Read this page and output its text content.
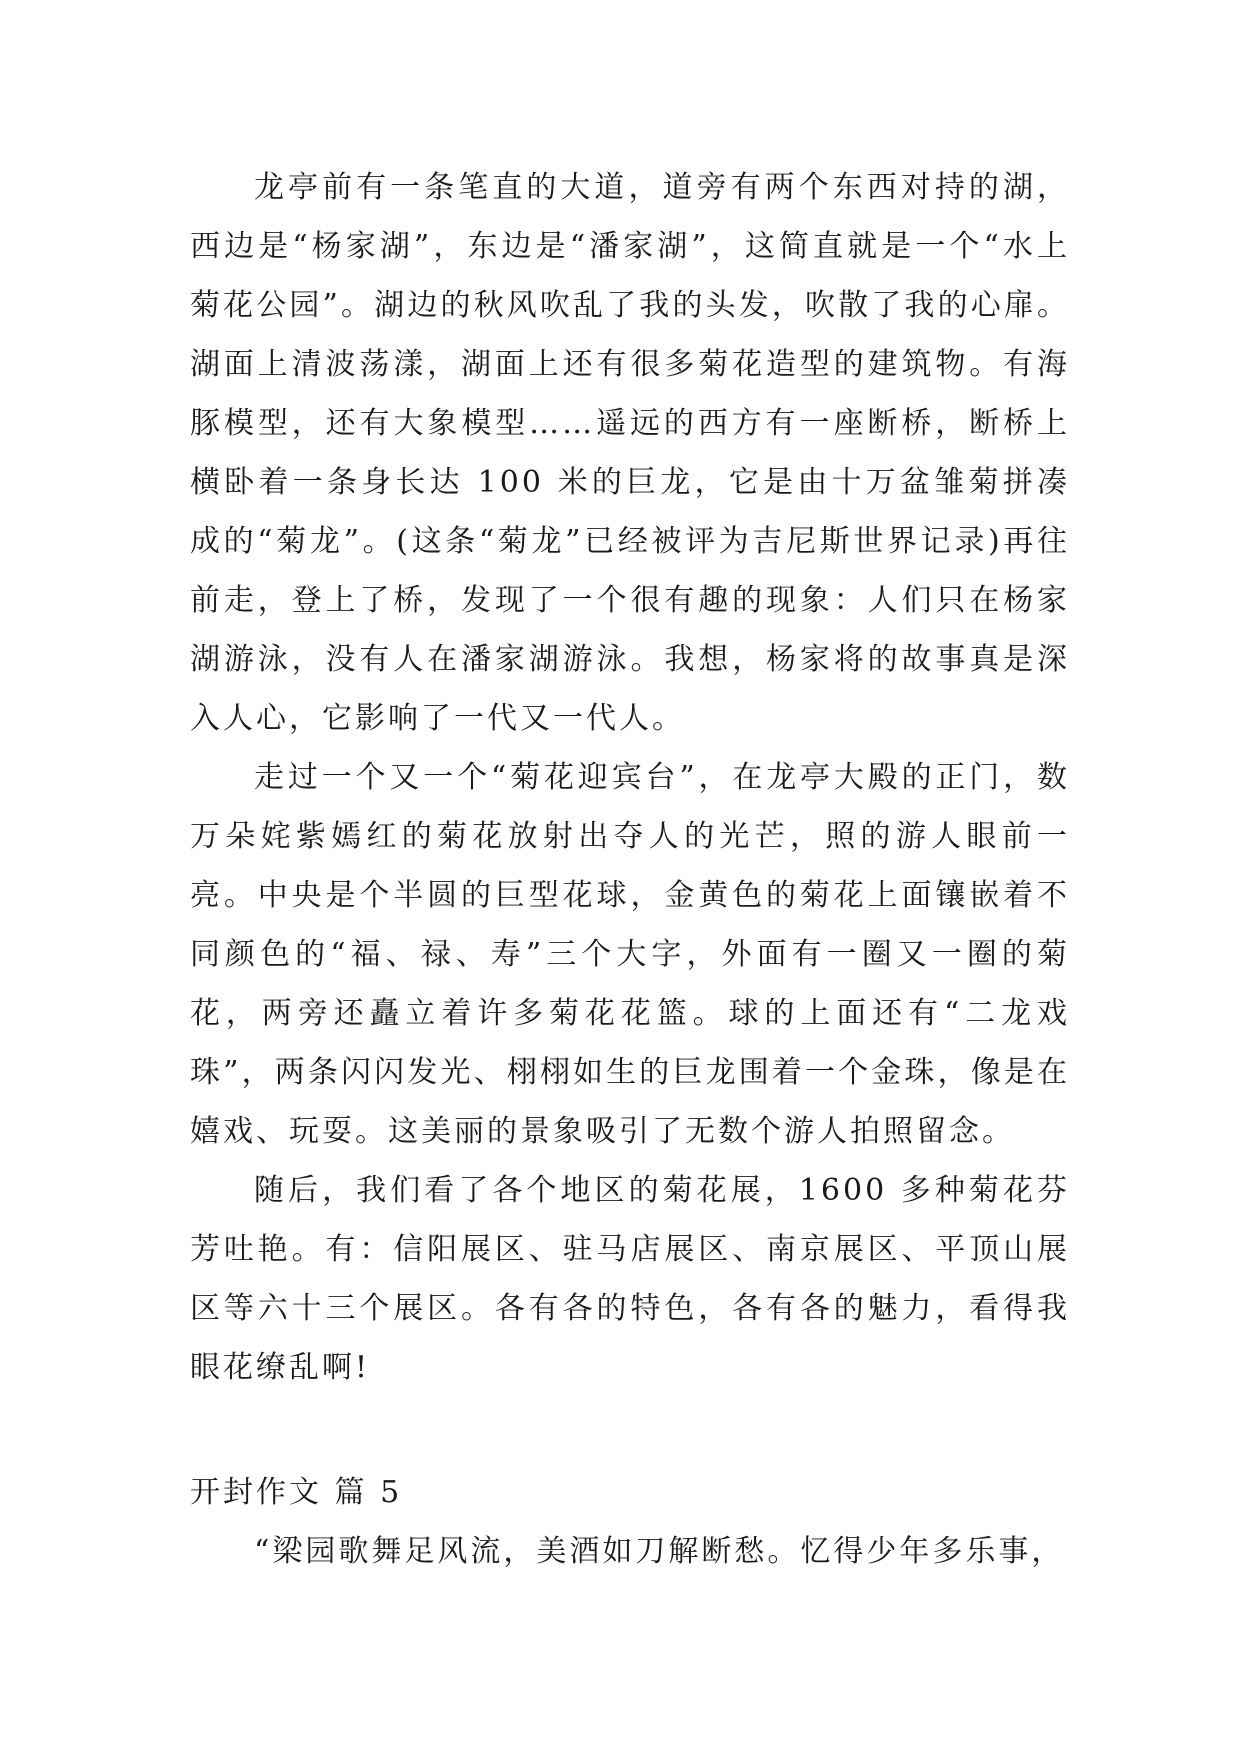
龙亭前有一条笔直的大道，道旁有两个东西对持的湖，西边是“杨家湖”，东边是“潘家湖”，这简直就是一个“水上菊花公园”。湖边的秋风吹乱了我的头发，吹散了我的心扉。湖面上清波荡漾，湖面上还有很多菊花造型的建筑物。有海豚模型，还有大象模型……遥远的西方有一座断桥，断桥上横卧着一条身长达 100 米的巨龙，它是由十万盆雏菊拼凑成的“菊龙”。(这条“菊龙”已经被评为吉尼斯世界记录)再往前走，登上了桥，发现了一个很有趣的现象：人们只在杨家湖游泳，没有人在潘家湖游泳。我想，杨家将的故事真是深入人心，它影响了一代又一代人。

走过一个又一个“菊花迎宾台”，在龙亭大殿的正门，数万朵姹紫嫣红的菊花放射出夺人的光芒，照的游人眼前一亮。中央是个半圆的巨型花球，金黄色的菊花上面镶嵌着不同颜色的“福、禄、寿”三个大字，外面有一圈又一圈的菊花，两旁还矗立着许多菊花花篮。球的上面还有“二龙戏珠”，两条闪闪发光、栩栩如生的巨龙围着一个金珠，像是在嬉戏、玩耍。这美丽的景象吸引了无数个游人拍照留念。

随后，我们看了各个地区的菊花展，1600 多种菊花芬芳吐艳。有：信阳展区、驻马店展区、南京展区、平顶山展区等六十三个展区。各有各的特色，各有各的魅力，看得我眼花缭乱啊!

开封作文 篇 5

“梁园歌舞足风流，美酒如刀解断愁。忆得少年多乐事，
